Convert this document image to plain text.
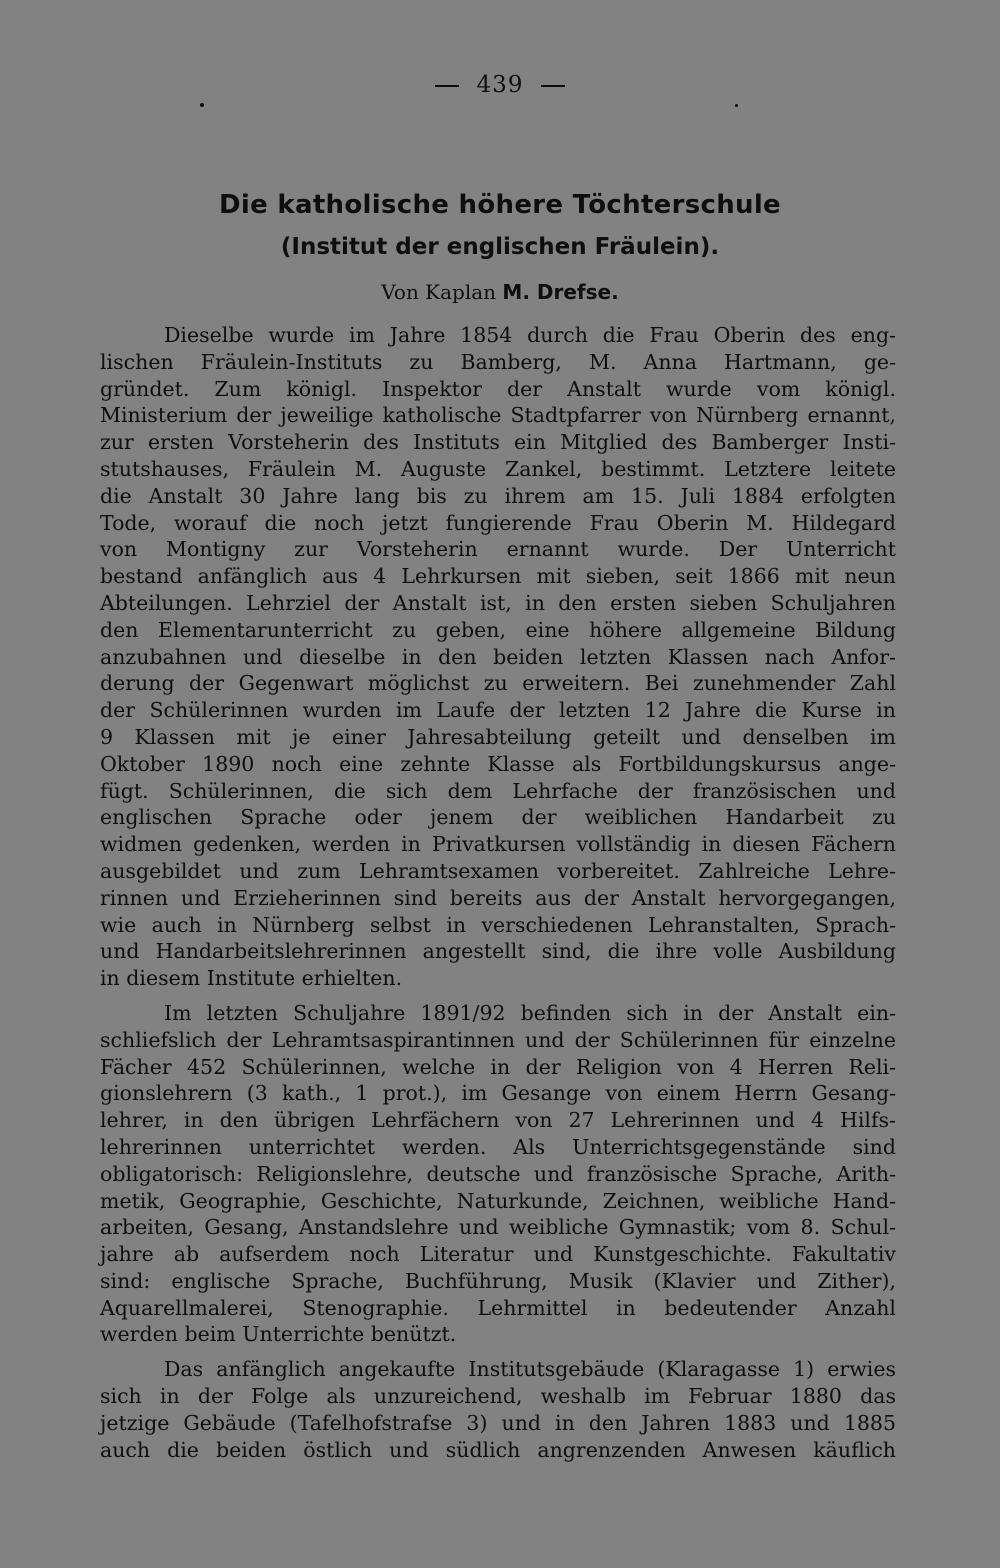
439
Die katholische höhere Töchterschule
(Institut der englischen Fräulein).
Von Kaplan M. Drefse.

Dieselbe wurde im Jahre 1854 durch die Frau Oberin des eng-
lischen Fräulein-Instituts zu Bamberg, M. Anna Hartmann, ge-
gründet. Zum königl. Inspektor der Anstalt wurde vom königl.
Ministerium der jeweilige katholische Stadtpfarrer von Nürnberg ernannt,
zur ersten Vorsteherin des Instituts ein Mitglied des Bamberger Insti-
stutshauses, Fräulein M. Auguste Zankel, bestimmt. Letztere leitete
die Anstalt 30 Jahre lang bis zu ihrem am 15. Juli 1884 erfolgten
Tode, worauf die noch jetzt fungierende Frau Oberin M. Hildegard
von Montigny zur Vorsteherin ernannt wurde. Der Unterricht
bestand anfänglich aus 4 Lehrkursen mit sieben, seit 1866 mit neun
Abteilungen. Lehrziel der Anstalt ist, in den ersten sieben Schuljahren
den Elementarunterricht zu geben, eine höhere allgemeine Bildung
anzubahnen und dieselbe in den beiden letzten Klassen nach Anfor-
derung der Gegenwart möglichst zu erweitern. Bei zunehmender Zahl
der Schülerinnen wurden im Laufe der letzten 12 Jahre die Kurse in
9 Klassen mit je einer Jahresabteilung geteilt und denselben im
Oktober 1890 noch eine zehnte Klasse als Fortbildungskursus ange-
fügt. Schülerinnen, die sich dem Lehrfache der französischen und
englischen Sprache oder jenem der weiblichen Handarbeit zu
widmen gedenken, werden in Privatkursen vollständig in diesen Fächern
ausgebildet und zum Lehramtsexamen vorbereitet. Zahlreiche Lehre-
rinnen und Erzieherinnen sind bereits aus der Anstalt hervorgegangen,
wie auch in Nürnberg selbst in verschiedenen Lehranstalten, Sprach-
und Handarbeitslehrerinnen angestellt sind, die ihre volle Ausbildung
in diesem Institute erhielten.

Im letzten Schuljahre 1891/92 befinden sich in der Anstalt ein-
schliefslich der Lehramtsaspirantinnen und der Schülerinnen für einzelne
Fächer 452 Schülerinnen, welche in der Religion von 4 Herren Reli-
gionslehrern (3 kath., 1 prot.), im Gesange von einem Herrn Gesang-
lehrer, in den übrigen Lehrfächern von 27 Lehrerinnen und 4 Hilfs-
lehrerinnen unterrichtet werden. Als Unterrichtsgegenstände sind
obligatorisch: Religionslehre, deutsche und französische Sprache, Arith-
metik, Geographie, Geschichte, Naturkunde, Zeichnen, weibliche Hand-
arbeiten, Gesang, Anstandslehre und weibliche Gymnastik; vom 8. Schul-
jahre ab aufserdem noch Literatur und Kunstgeschichte. Fakultativ
sind: englische Sprache, Buchführung, Musik (Klavier und Zither),
Aquarellmalerei, Stenographie. Lehrmittel in bedeutender Anzahl
werden beim Unterrichte benützt.

Das anfänglich angekaufte Institutsgebäude (Klaragasse 1) erwies
sich in der Folge als unzureichend, weshalb im Februar 1880 das
jetzige Gebäude (Tafelhofstrafse 3) und in den Jahren 1883 und 1885
auch die beiden östlich und südlich angrenzenden Anwesen käuflich
